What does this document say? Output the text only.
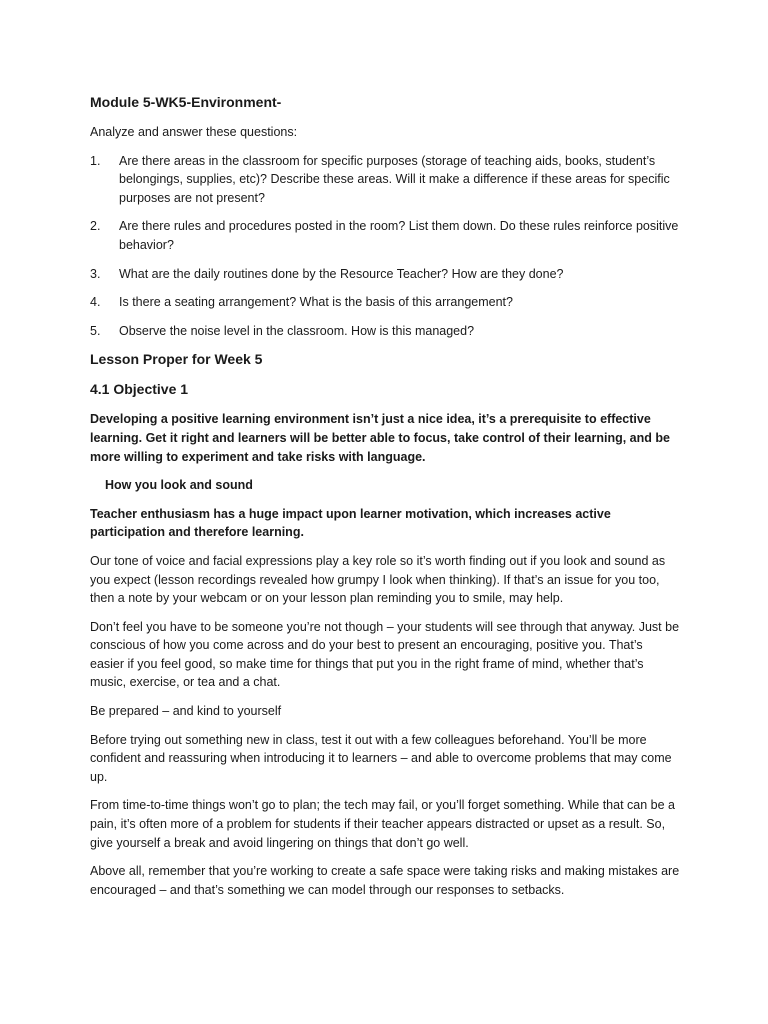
Module 5-WK5-Environment-
Analyze and answer these questions:
1. Are there areas in the classroom for specific purposes (storage of teaching aids, books, student’s belongings, supplies, etc)? Describe these areas. Will it make a difference if these areas for specific purposes are not present?
2. Are there rules and procedures posted in the room? List them down. Do these rules reinforce positive behavior?
3. What are the daily routines done by the Resource Teacher? How are they done?
4. Is there a seating arrangement? What is the basis of this arrangement?
5. Observe the noise level in the classroom. How is this managed?
Lesson Proper for Week 5
4.1 Objective 1
Developing a positive learning environment isn’t just a nice idea, it’s a prerequisite to effective learning. Get it right and learners will be better able to focus, take control of their learning, and be more willing to experiment and take risks with language.
How you look and sound
Teacher enthusiasm has a huge impact upon learner motivation, which increases active participation and therefore learning.
Our tone of voice and facial expressions play a key role so it’s worth finding out if you look and sound as you expect (lesson recordings revealed how grumpy I look when thinking). If that’s an issue for you too, then a note by your webcam or on your lesson plan reminding you to smile, may help.
Don’t feel you have to be someone you’re not though – your students will see through that anyway. Just be conscious of how you come across and do your best to present an encouraging, positive you. That’s easier if you feel good, so make time for things that put you in the right frame of mind, whether that’s music, exercise, or tea and a chat.
Be prepared – and kind to yourself
Before trying out something new in class, test it out with a few colleagues beforehand. You’ll be more confident and reassuring when introducing it to learners – and able to overcome problems that may come up.
From time-to-time things won’t go to plan; the tech may fail, or you’ll forget something. While that can be a pain, it’s often more of a problem for students if their teacher appears distracted or upset as a result. So, give yourself a break and avoid lingering on things that don’t go well.
Above all, remember that you’re working to create a safe space were taking risks and making mistakes are encouraged – and that’s something we can model through our responses to setbacks.
